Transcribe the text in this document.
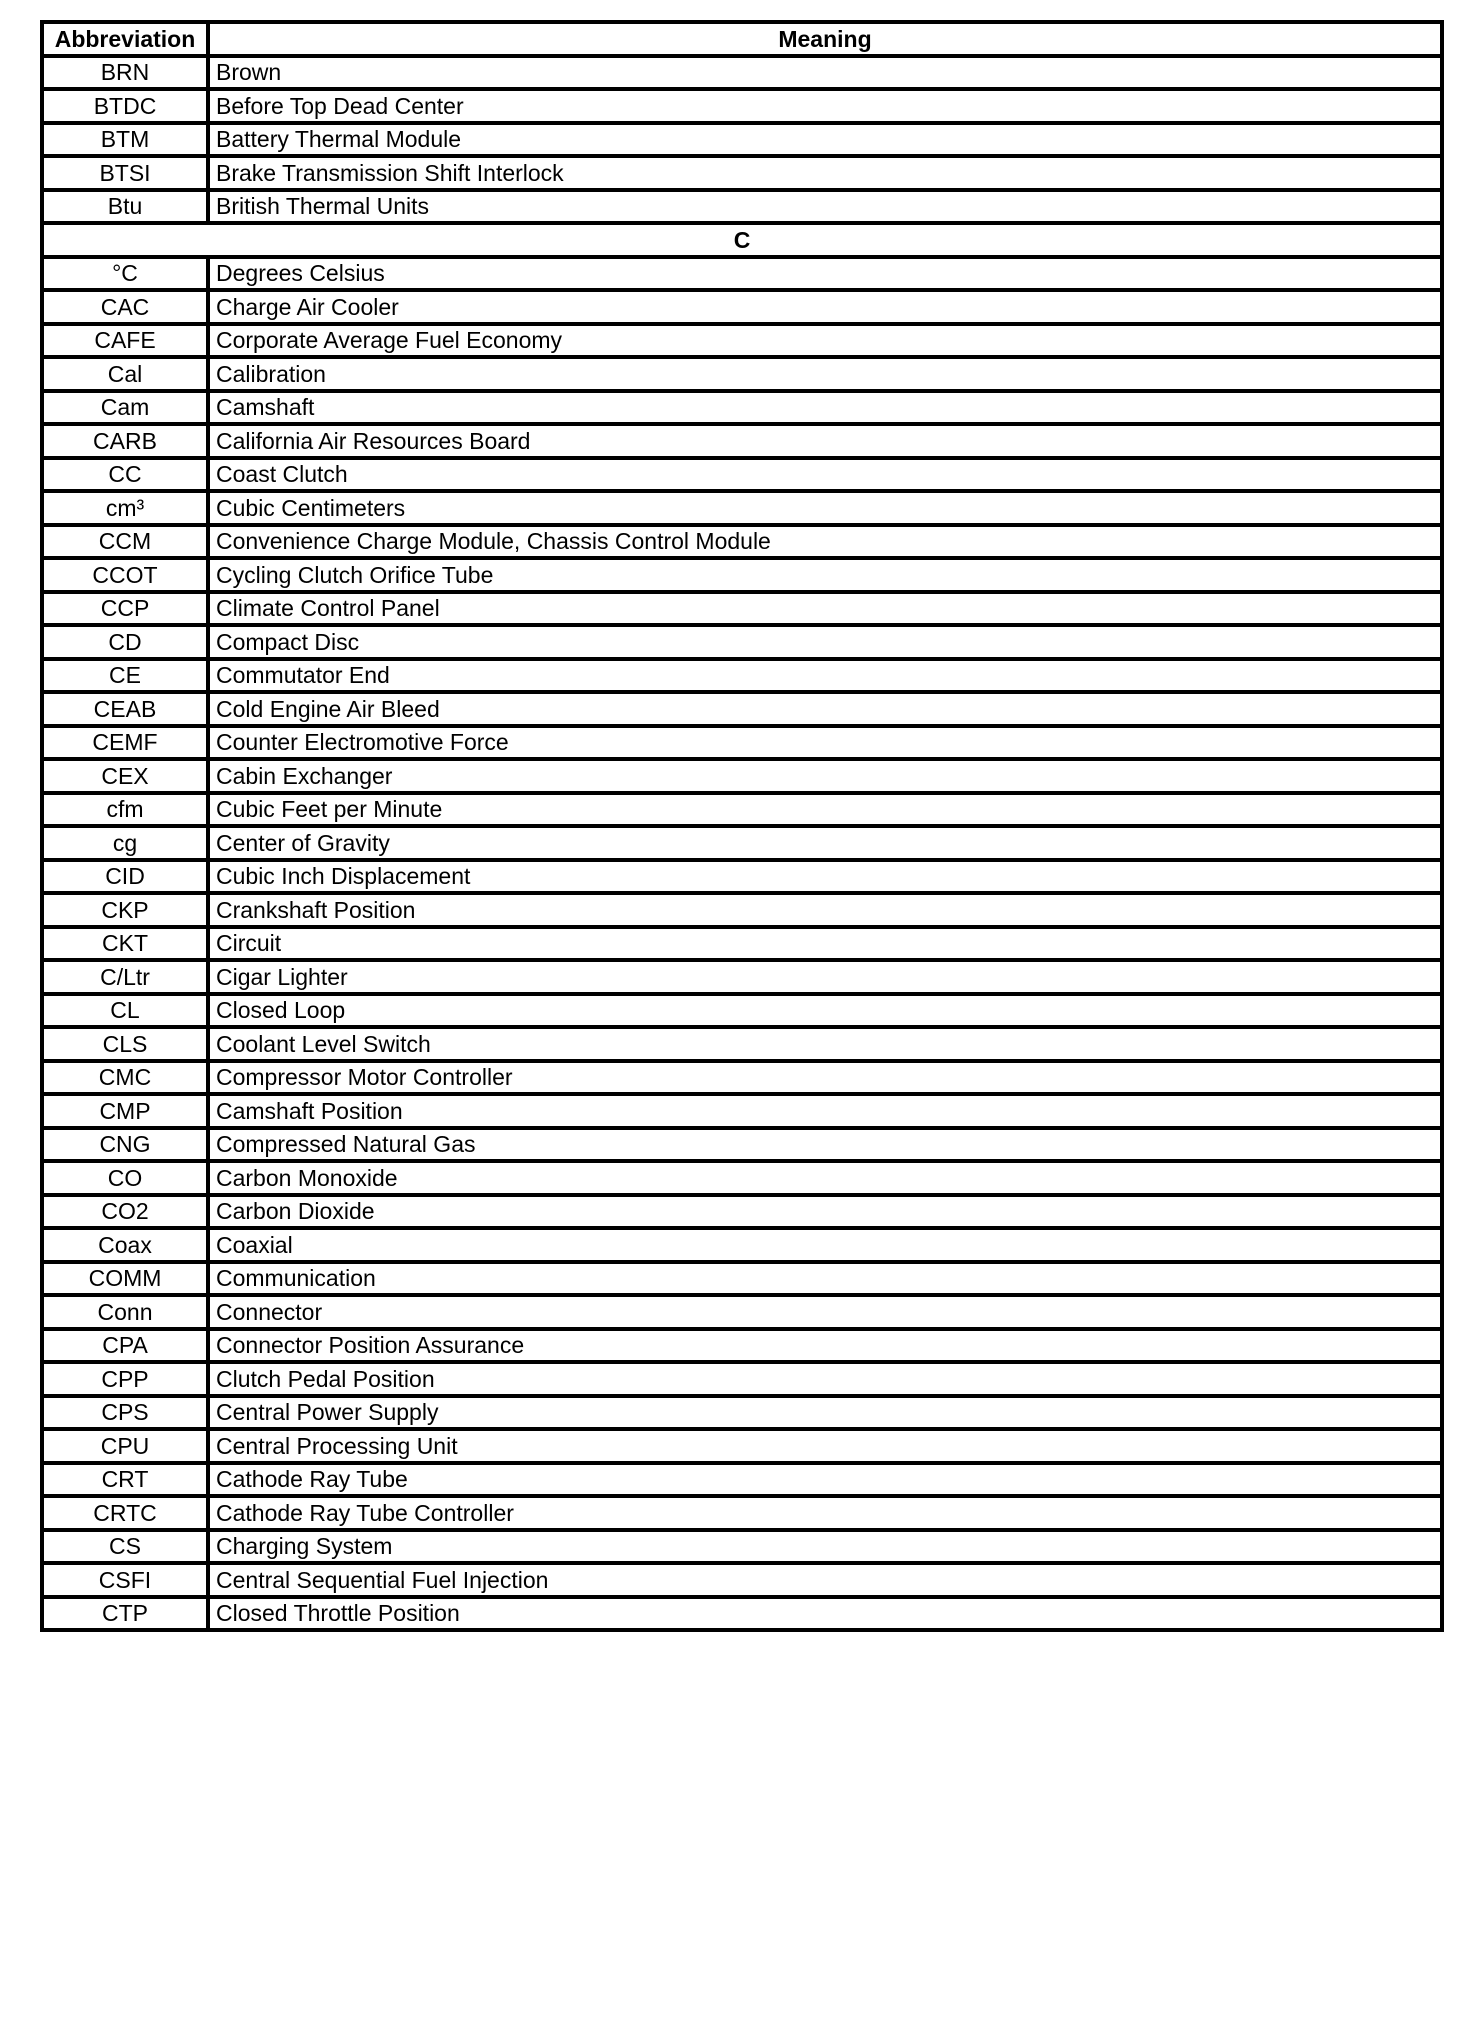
Abbreviation	Meaning
BRN	Brown
BTDC	Before Top Dead Center
BTM	Battery Thermal Module
BTSI	Brake Transmission Shift Interlock
Btu	British Thermal Units
C	
°C	Degrees Celsius
CAC	Charge Air Cooler
CAFE	Corporate Average Fuel Economy
Cal	Calibration
Cam	Camshaft
CARB	California Air Resources Board
CC	Coast Clutch
cm³	Cubic Centimeters
CCM	Convenience Charge Module, Chassis Control Module
CCOT	Cycling Clutch Orifice Tube
CCP	Climate Control Panel
CD	Compact Disc
CE	Commutator End
CEAB	Cold Engine Air Bleed
CEMF	Counter Electromotive Force
CEX	Cabin Exchanger
cfm	Cubic Feet per Minute
cg	Center of Gravity
CID	Cubic Inch Displacement
CKP	Crankshaft Position
CKT	Circuit
C/Ltr	Cigar Lighter
CL	Closed Loop
CLS	Coolant Level Switch
CMC	Compressor Motor Controller
CMP	Camshaft Position
CNG	Compressed Natural Gas
CO	Carbon Monoxide
CO2	Carbon Dioxide
Coax	Coaxial
COMM	Communication
Conn	Connector
CPA	Connector Position Assurance
CPP	Clutch Pedal Position
CPS	Central Power Supply
CPU	Central Processing Unit
CRT	Cathode Ray Tube
CRTC	Cathode Ray Tube Controller
CS	Charging System
CSFI	Central Sequential Fuel Injection
CTP	Closed Throttle Position
